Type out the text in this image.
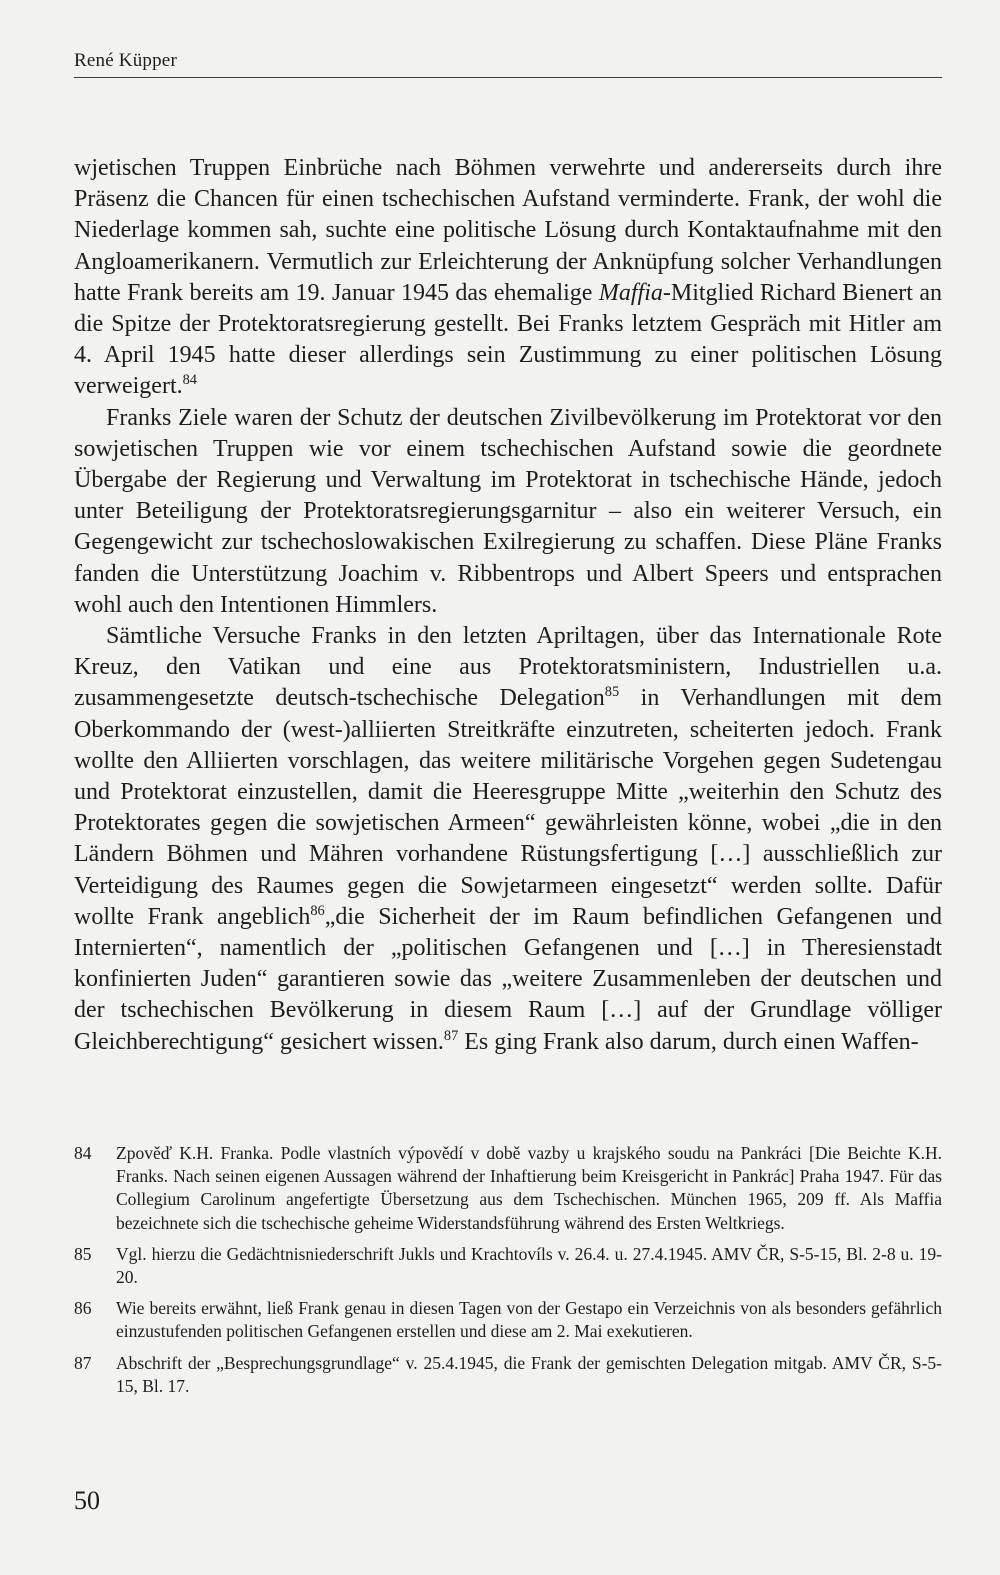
René Küpper

wjetischen Truppen Einbrüche nach Böhmen verwehrte und andererseits durch ihre Präsenz die Chancen für einen tschechischen Aufstand verminderte. Frank, der wohl die Niederlage kommen sah, suchte eine politische Lösung durch Kontaktaufnahme mit den Angloamerikanern. Vermutlich zur Erleichterung der Anknüpfung solcher Verhandlungen hatte Frank bereits am 19. Januar 1945 das ehemalige Maffia-Mitglied Richard Bienert an die Spitze der Protektoratsregierung gestellt. Bei Franks letztem Gespräch mit Hitler am 4. April 1945 hatte dieser allerdings sein Zustimmung zu einer politischen Lösung verweigert.$^{84}$

Franks Ziele waren der Schutz der deutschen Zivilbevölkerung im Protektorat vor den sowjetischen Truppen wie vor einem tschechischen Aufstand sowie die geordnete Übergabe der Regierung und Verwaltung im Protektorat in tschechische Hände, jedoch unter Beteiligung der Protektoratsregierungsgarnitur – also ein weiterer Versuch, ein Gegengewicht zur tschechoslowakischen Exilregierung zu schaffen. Diese Pläne Franks fanden die Unterstützung Joachim v. Ribbentrops und Albert Speers und entsprachen wohl auch den Intentionen Himmlers.

Sämtliche Versuche Franks in den letzten Apriltagen, über das Internationale Rote Kreuz, den Vatikan und eine aus Protektoratsministern, Industriellen u.a. zusammengesetzte deutsch-tschechische Delegation$^{85}$ in Verhandlungen mit dem Oberkommando der (west-)alliierten Streitkräfte einzutreten, scheiterten jedoch. Frank wollte den Alliierten vorschlagen, das weitere militärische Vorgehen gegen Sudetengau und Protektorat einzustellen, damit die Heeresgruppe Mitte „weiterhin den Schutz des Protektorates gegen die sowjetischen Armeen“ gewährleisten könne, wobei „die in den Ländern Böhmen und Mähren vorhandene Rüstungsfertigung […] ausschließlich zur Verteidigung des Raumes gegen die Sowjetarmeen eingesetzt“ werden sollte. Dafür wollte Frank angeblich$^{86}$„die Sicherheit der im Raum befindlichen Gefangenen und Internierten“, namentlich der „politischen Gefangenen und […] in Theresienstadt konfinierten Juden“ garantieren sowie das „weitere Zusammenleben der deutschen und der tschechischen Bevölkerung in diesem Raum […] auf der Grundlage völliger Gleichberechtigung“ gesichert wissen.$^{87}$ Es ging Frank also darum, durch einen Waffen-

84	Zpověď K.H. Franka. Podle vlastních výpovědí v době vazby u krajského soudu na Pankráci [Die Beichte K.H. Franks. Nach seinen eigenen Aussagen während der Inhaftierung beim Kreisgericht in Pankrác] Praha 1947. Für das Collegium Carolinum angefertigte Übersetzung aus dem Tschechischen. München 1965, 209 ff. Als Maffia bezeichnete sich die tschechische geheime Widerstandsführung während des Ersten Weltkriegs.
85	Vgl. hierzu die Gedächtnisniederschrift Jukls und Krachtovíls v. 26.4. u. 27.4.1945. AMV ČR, S-5-15, Bl. 2-8 u. 19-20.
86	Wie bereits erwähnt, ließ Frank genau in diesen Tagen von der Gestapo ein Verzeichnis von als besonders gefährlich einzustufenden politischen Gefangenen erstellen und diese am 2. Mai exekutieren.
87	Abschrift der „Besprechungsgrundlage“ v. 25.4.1945, die Frank der gemischten Delegation mitgab. AMV ČR, S-5-15, Bl. 17.
50
